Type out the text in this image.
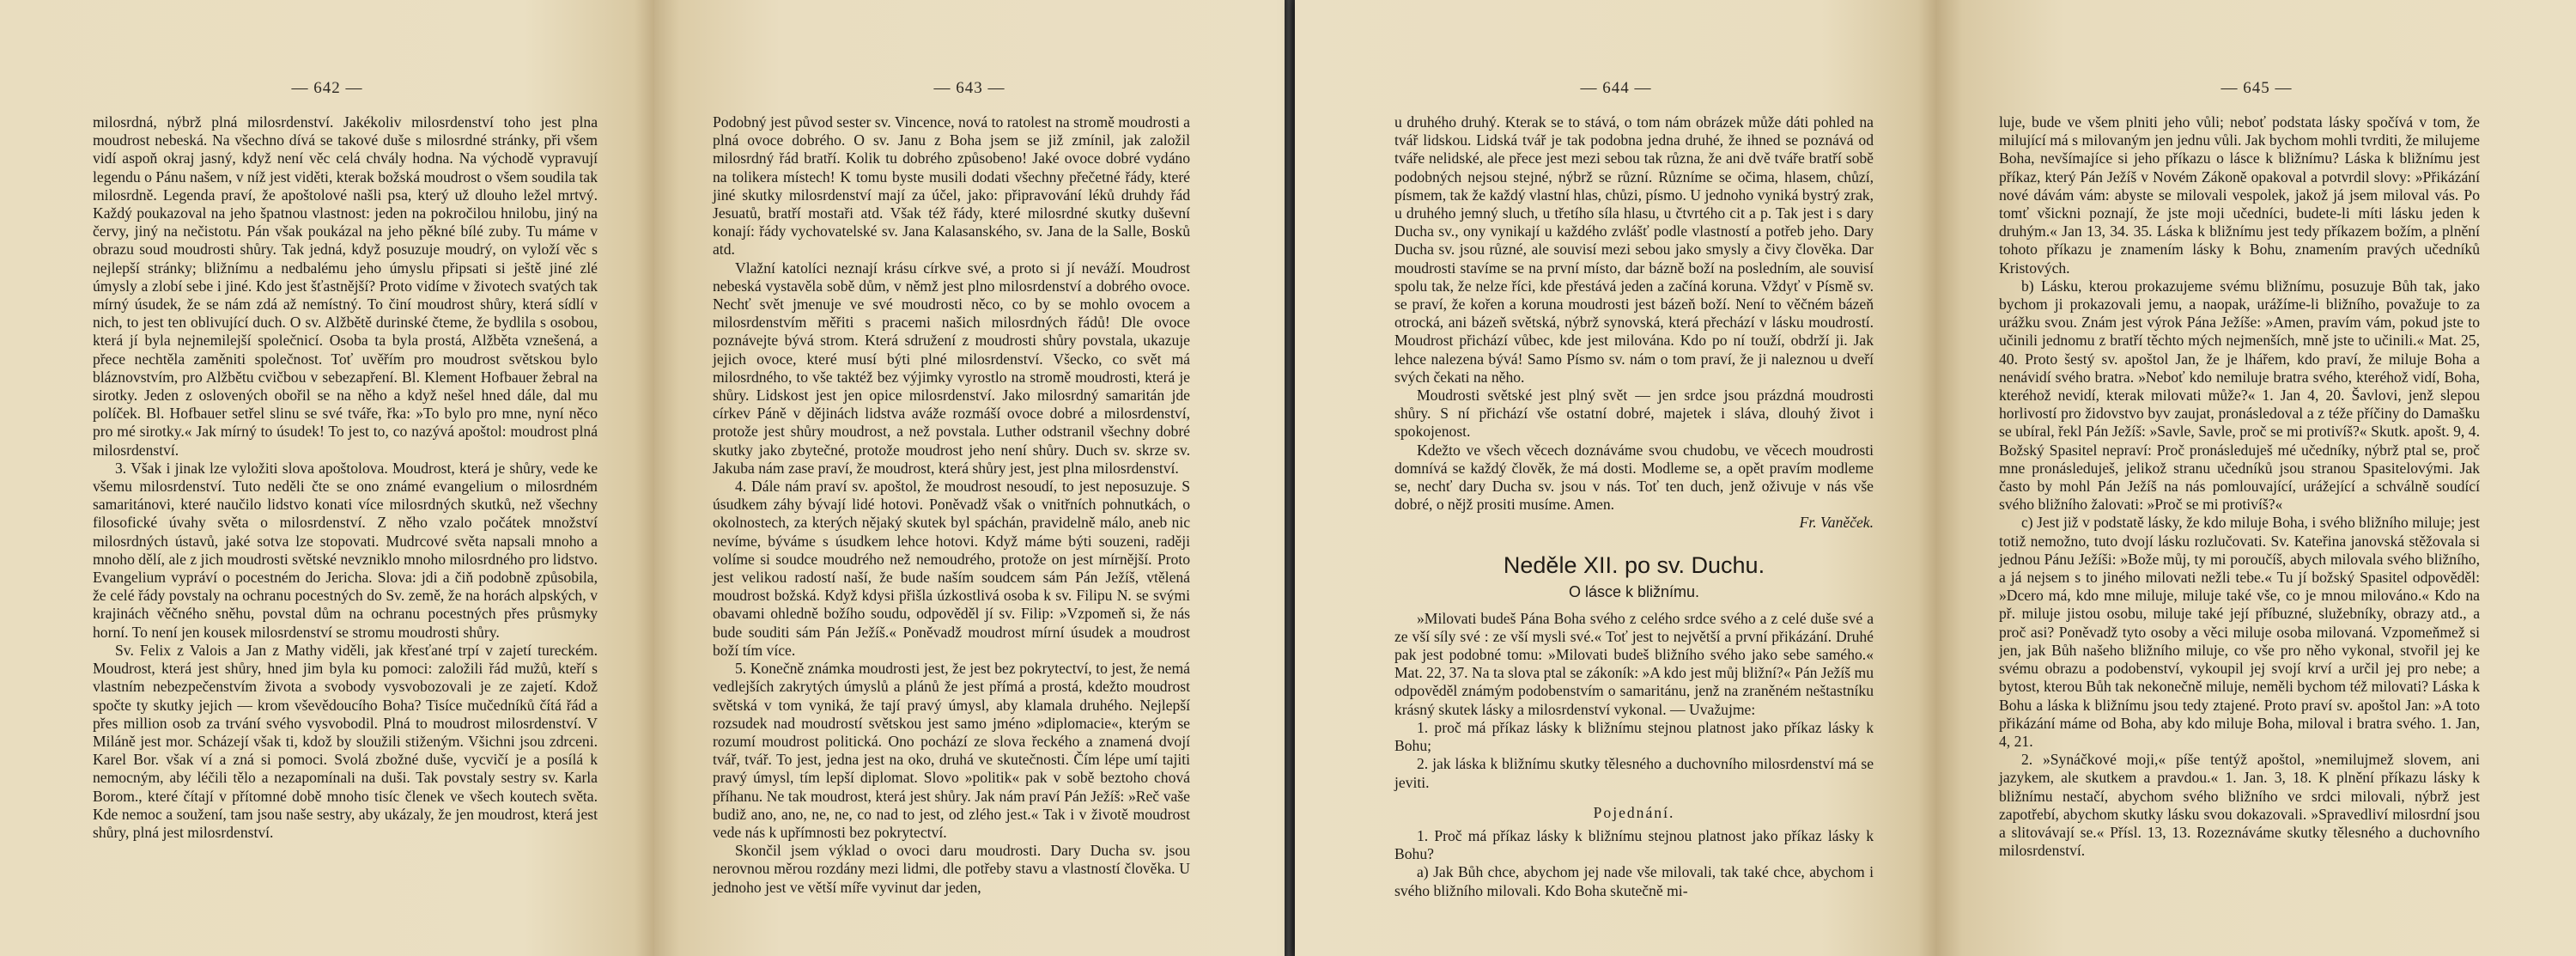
— 642 —

milosrdná, nýbrž plná milosrdenství. Jakékoliv milosrdenství toho jest plna moudrost nebeská. Na všechno dívá se takové duše s milosrdné stránky, při všem vidí aspoň okraj jasný, když není věc celá chvály hodna. Na východě vypravují legendu o Pánu našem, v níž jest viděti, kterak božská moudrost o všem soudila tak milosrdně. Legenda praví, že apoštolové našli psa, který už dlouho ležel mrtvý. Každý poukazoval na jeho špatnou vlastnost: jeden na pokročilou hnilobu, jiný na červy, jiný na nečistotu. Pán však poukázal na jeho pěkné bílé zuby. Tu máme v obrazu soud moudrosti shůry. Tak jedná, když posuzuje moudrý, on vyloží věc s nejlepší stránky; bližnímu a nedbalému jeho úmyslu připsati si ještě jiné zlé úmysly a zlobí sebe i jiné. Kdo jest šťastnější? Proto vidíme v životech svatých tak mírný úsudek, že se nám zdá až nemístný. To činí moudrost shůry, která sídlí v nich, to jest ten oblivující duch. O sv. Alžbětě durinské čteme, že bydlila s osobou, která jí byla nejnemilejší společnicí. Osoba ta byla prostá, Alžběta vznešená, a přece nechtěla zaměniti společnost. Toť uvěřím pro moudrost světskou bylo bláznovstvím, pro Alžbětu cvičbou v sebezapření. Bl. Klement Hofbauer žebral na sirotky. Jeden z oslovených obořil se na něho a když nešel hned dále, dal mu políček. Bl. Hofbauer setřel slinu se své tváře, řka: »To bylo pro mne, nyní něco pro mé sirotky.« Jak mírný to úsudek! To jest to, co nazývá apoštol: moudrost plná milosrdenství.

3. Však i jinak lze vyložiti slova apoštolova. Moudrost, která je shůry, vede ke všemu milosrdenství. Tuto neděli čte se ono známé evangelium o milosrdném samaritánovi, které naučilo lidstvo konati více milosrdných skutků, než všechny filosofické úvahy světa o milosrdenství. Z něho vzalo počátek množství milosrdných ústavů, jaké sotva lze stopovati. Mudrcové světa napsali mnoho a mnoho dělí, ale z jich moudrosti světské nevzniklo mnoho milosrdného pro lidstvo. Evangelium vypráví o pocestném do Jericha. Slova: jdi a čiň podobně způsobila, že celé řády povstaly na ochranu pocestných do Sv. země, že na horách alpských, v krajinách věčného sněhu, povstal dům na ochranu pocestných přes průsmyky horní. To není jen kousek milosrdenství se stromu moudrosti shůry.

Sv. Felix z Valois a Jan z Mathy viděli, jak křesťané trpí v zajetí tureckém. Moudrost, která jest shůry, hned jim byla ku pomoci: založili řád mužů, kteří s vlastním nebezpečenstvím života a svobody vysvobozovali je ze zajetí. Kdož spočte ty skutky jejich — krom vševědoucího Boha? Tisíce mučedníků čítá řád a přes million osob za trvání svého vysvobodil. Plná to moudrost milosrdenství. V Miláně jest mor. Scházejí však ti, kdož by sloužili stiženým. Všichni jsou zdrceni. Karel Bor. však ví a zná si pomoci. Svolá zbožné duše, vycvičí je a posílá k nemocným, aby léčili tělo a nezapomínali na duši. Tak povstaly sestry sv. Karla Borom., které čítají v přítomné době mnoho tisíc členek ve všech koutech světa. Kde nemoc a soužení, tam jsou naše sestry, aby ukázaly, že jen moudrost, která jest shůry, plná jest milosrdenství.

— 643 —

Podobný jest původ sester sv. Vincence, nová to ratolest na stromě moudrosti a plná ovoce dobrého. O sv. Janu z Boha jsem se již zmínil, jak založil milosrdný řád bratří. Kolik tu dobrého způsobeno! Jaké ovoce dobré vydáno na tolikera místech! K tomu byste musili dodati všechny přečetné řády, které jiné skutky milosrdenství mají za účel, jako: připravování léků druhdy řád Jesuatů, bratří mostaři atd. Však též řády, které milosrdné skutky duševní konají: řády vychovatelské sv. Jana Kalasanského, sv. Jana de la Salle, Bosků atd.

Vlažní katolíci neznají krásu církve své, a proto si jí neváží. Moudrost nebeská vystavěla sobě dům, v němž jest plno milosrdenství a dobrého ovoce. Nechť svět jmenuje ve své moudrosti něco, co by se mohlo ovocem a milosrdenstvím měřiti s pracemi našich milosrdných řádů! Dle ovoce poznávejte bývá strom. Která sdružení z moudrosti shůry povstala, ukazuje jejich ovoce, které musí býti plné milosrdenství. Všecko, co svět má milosrdného, to vše taktéž bez výjimky vyrostlo na stromě moudrosti, která je shůry. Lidskost jest jen opice milosrdenství. Jako milosrdný samaritán jde církev Páně v dějinách lidstva aváže rozmáší ovoce dobré a milosrdenství, protože jest shůry moudrost, a než povstala. Luther odstranil všechny dobré skutky jako zbytečné, protože moudrost jeho není shůry. Duch sv. skrze sv. Jakuba nám zase praví, že moudrost, která shůry jest, jest plna milosrdenství.

4. Dále nám praví sv. apoštol, že moudrost nesoudí, to jest neposuzuje. S úsudkem záhy bývají lidé hotovi. Poněvadž však o vnitřních pohnutkách, o okolnostech, za kterých nějaký skutek byl spáchán, pravidelně málo, aneb nic nevíme, býváme s úsudkem lehce hotovi. Když máme býti souzeni, raději volíme si soudce moudrého než nemoudrého, protože on jest mírnější. Proto jest velikou radostí naší, že bude naším soudcem sám Pán Ježíš, vtělená moudrost božská. Když kdysi přišla úzkostlivá osoba k sv. Filipu N. se svými obavami ohledně božího soudu, odpověděl jí sv. Filip: »Vzpomeň si, že nás bude souditi sám Pán Ježíš.« Poněvadž moudrost mírní úsudek a moudrost boží tím více.

5. Konečně známka moudrosti jest, že jest bez pokrytectví, to jest, že nemá vedlejších zakrytých úmyslů a plánů že jest přímá a prostá, kdežto moudrost světská v tom vyniká, že tají pravý úmysl, aby klamala druhého. Nejlepší rozsudek nad moudrostí světskou jest samo jméno »diplomacie«, kterým se rozumí moudrost politická. Ono pochází ze slova řeckého a znamená dvojí tvář, tvář. To jest, jedna jest na oko, druhá ve skutečnosti. Čím lépe umí tajiti pravý úmysl, tím lepší diplomat. Slovo »politik« pak v sobě beztoho chová příhanu. Ne tak moudrost, která jest shůry. Jak nám praví Pán Ježíš: »Reč vaše budiž ano, ano, ne, ne, co nad to jest, od zlého jest.« Tak i v životě moudrost vede nás k upřímnosti bez pokrytectví.

Skončil jsem výklad o ovoci daru moudrosti. Dary Ducha sv. jsou nerovnou měrou rozdány mezi lidmi, dle potřeby stavu a vlastností člověka. U jednoho jest ve větší míře vyvinut dar jeden,

— 644 —

u druhého druhý. Kterak se to stává, o tom nám obrázek může dáti pohled na tvář lidskou. Lidská tvář je tak podobna jedna druhé, že ihned se poznává od tváře nelidské, ale přece jest mezi sebou tak různa, že ani dvě tváře bratří sobě podobných nejsou stejné, nýbrž se různí. Různíme se očima, hlasem, chůzí, písmem, tak že každý vlastní hlas, chůzi, písmo. U jednoho vyniká bystrý zrak, u druhého jemný sluch, u třetího síla hlasu, u čtvrtého cit a p. Tak jest i s dary Ducha sv., ony vynikají u každého zvlášť podle vlastností a potřeb jeho. Dary Ducha sv. jsou různé, ale souvisí mezi sebou jako smysly a čivy člověka. Dar moudrosti stavíme se na první místo, dar bázně boží na posledním, ale souvisí spolu tak, že nelze říci, kde přestává jeden a začíná koruna. Vždyť v Písmě sv. se praví, že kořen a koruna moudrosti jest bázeň boží. Není to věčném bázeň otrocká, ani bázeň světská, nýbrž synovská, která přechází v lásku moudrostí. Moudrost přichází vůbec, kde jest milována. Kdo po ní touží, obdrží ji. Jak lehce nalezena bývá! Samo Písmo sv. nám o tom praví, že ji naleznou u dveří svých čekati na něho.

Moudrosti světské jest plný svět — jen srdce jsou prázdná moudrosti shůry. S ní přichází vše ostatní dobré, majetek i sláva, dlouhý život i spokojenost.

Kdežto ve všech věcech doznáváme svou chudobu, ve věcech moudrosti domnívá se každý člověk, že má dosti. Modleme se, a opět pravím modleme se, nechť dary Ducha sv. jsou v nás. Toť ten duch, jenž oživuje v nás vše dobré, o nějž prositi musíme. Amen.

Fr. Vaněček.

Neděle XII. po sv. Duchu.
O lásce k bližnímu.

»Milovati budeš Pána Boha svého z celého srdce svého a z celé duše své a ze vší síly své : ze vší mysli své.« Toť jest to největší a první přikázání. Druhé pak jest podobné tomu: »Milovati budeš bližního svého jako sebe samého.« Mat. 22, 37. Na ta slova ptal se zákoník: »A kdo jest můj bližní?« Pán Ježíš mu odpověděl známým podobenstvím o samaritánu, jenž na zraněném neštastníku krásný skutek lásky a milosrdenství vykonal. — Uvažujme:

1. proč má příkaz lásky k bližnímu stejnou platnost jako příkaz lásky k Bohu;

2. jak láska k bližnímu skutky tělesného a duchovního milosrdenství má se jeviti.

Pojednání.

1. Proč má příkaz lásky k bližnímu stejnou platnost jako příkaz lásky k Bohu?

a) Jak Bůh chce, abychom jej nade vše milovali, tak také chce, abychom i svého bližního milovali. Kdo Boha skutečně mi-

— 645 —

luje, bude ve všem plniti jeho vůli; neboť podstata lásky spočívá v tom, že milující má s milovaným jen jednu vůli. Jak bychom mohli tvrditi, že milujeme Boha, nevšímajíce si jeho příkazu o lásce k bližnímu? Láska k bližnímu jest příkaz, který Pán Ježíš v Novém Zákoně opakoval a potvrdil slovy: »Přikázání nové dávám vám: abyste se milovali vespolek, jakož já jsem miloval vás. Po tomť všickni poznají, že jste moji učedníci, budete-li míti lásku jeden k druhým.« Jan 13, 34. 35. Láska k bližnímu jest tedy příkazem božím, a plnění tohoto příkazu je znamením lásky k Bohu, znamením pravých učedníků Kristových.

b) Lásku, kterou prokazujeme svému bližnímu, posuzuje Bůh tak, jako bychom ji prokazovali jemu, a naopak, urážíme-li bližního, považuje to za urážku svou. Znám jest výrok Pána Ježíše: »Amen, pravím vám, pokud jste to učinili jednomu z bratří těchto mých nejmenších, mně jste to učinili.« Mat. 25, 40. Proto šestý sv. apoštol Jan, že je lhářem, kdo praví, že miluje Boha a nenávidí svého bratra. »Neboť kdo nemiluje bratra svého, kteréhož vidí, Boha, kteréhož nevidí, kterak milovati může?« 1. Jan 4, 20. Šavlovi, jenž slepou horlivostí pro židovstvo byv zaujat, pronásledoval a z téže příčiny do Damašku se ubíral, řekl Pán Ježíš: »Savle, Savle, proč se mi protivíš?« Skutk. apošt. 9, 4. Božský Spasitel nepraví: Proč pronásleduješ mé učedníky, nýbrž ptal se, proč mne pronásleduješ, jelikož stranu učedníků jsou stranou Spasitelovými. Jak často by mohl Pán Ježíš na nás pomlouvající, urážející a schválně soudící svého bližního žalovati: »Proč se mi protivíš?«

c) Jest již v podstatě lásky, že kdo miluje Boha, i svého bližního miluje; jest totiž nemožno, tuto dvojí lásku rozlučovati. Sv. Kateřina janovská stěžovala si jednou Pánu Ježíši: »Bože můj, ty mi poroučíš, abych milovala svého bližního, a já nejsem s to jiného milovati nežli tebe.« Tu jí božský Spasitel odpověděl: »Dcero má, kdo mne miluje, miluje také vše, co je mnou milováno.« Kdo na př. miluje jistou osobu, miluje také její příbuzné, služebníky, obrazy atd., a proč asi? Poněvadž tyto osoby a věci miluje osoba milovaná. Vzpomeňmež si jen, jak Bůh našeho bližního miluje, co vše pro něho vykonal, stvořil jej ke svému obrazu a podobenství, vykoupil jej svojí krví a určil jej pro nebe; a bytost, kterou Bůh tak nekonečně miluje, neměli bychom též milovati? Láska k Bohu a láska k bližnímu jsou tedy ztajené. Proto praví sv. apoštol Jan: »A toto přikázání máme od Boha, aby kdo miluje Boha, miloval i bratra svého. 1. Jan, 4, 21.

2. »Synáčkové moji,« píše tentýž apoštol, »nemilujmež slovem, ani jazykem, ale skutkem a pravdou.« 1. Jan. 3, 18. K plnění příkazu lásky k bližnímu nestačí, abychom svého bližního ve srdci milovali, nýbrž jest zapotřebí, abychom skutky lásku svou dokazovali. »Spravedliví milosrdní jsou a slitovávají se.« Přísl. 13, 13. Rozeznáváme skutky tělesného a duchovního milosrdenství.
